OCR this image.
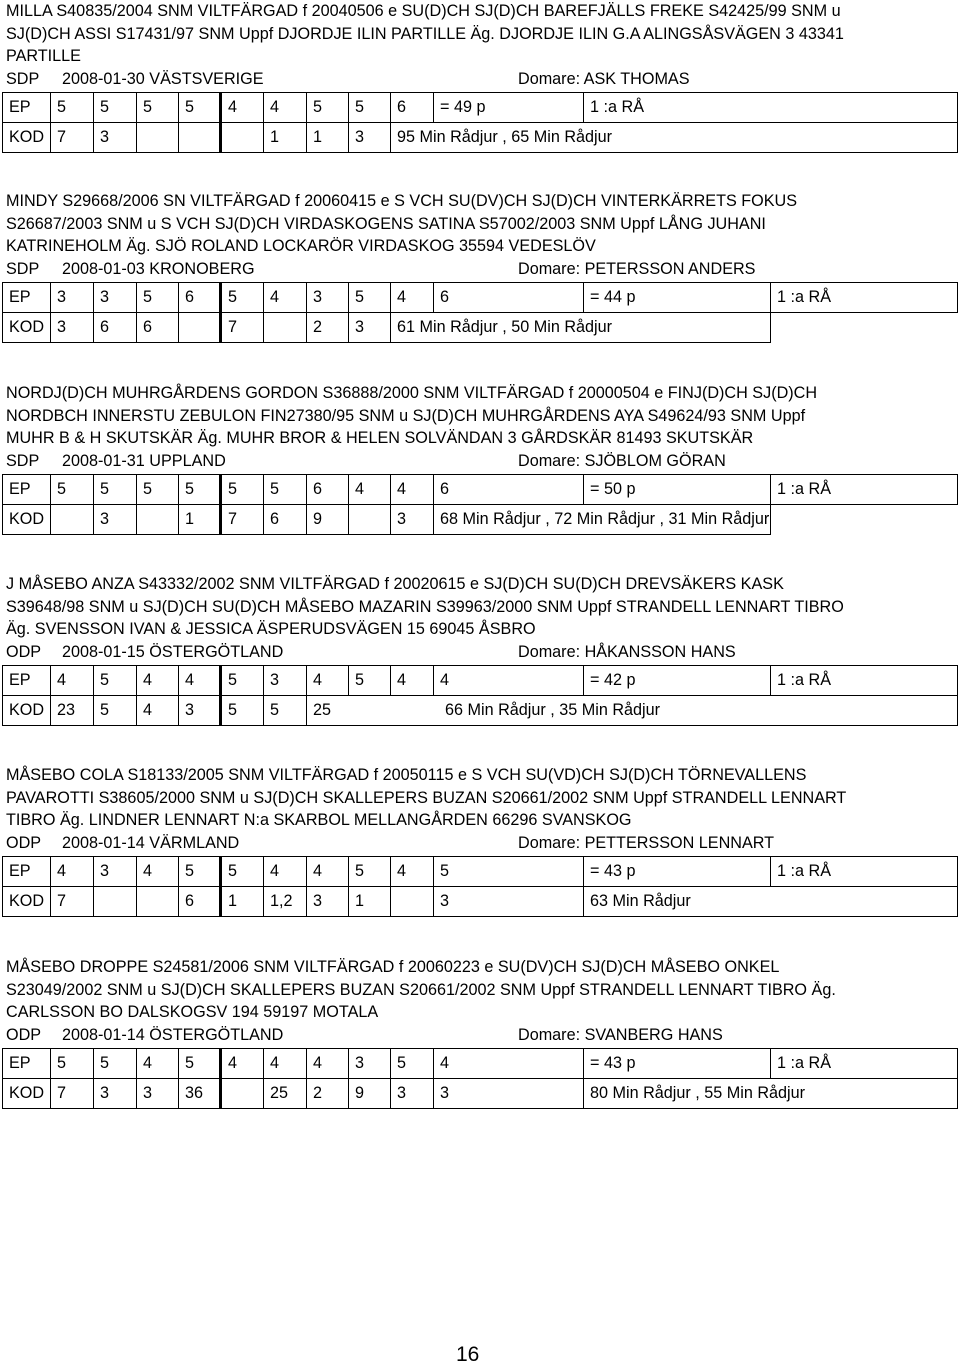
MILLA S40835/2004 SNM VILTFÄRGAD f 20040506 e SU(D)CH SJ(D)CH BAREFJÄLLS FREKE S42425/99 SNM u
SJ(D)CH ASSI S17431/97 SNM Uppf DJORDJE ILIN PARTILLE Äg. DJORDJE ILIN G.A ALINGSÅSVÄGEN 3 43341
PARTILLE
SDP 2008-01-30 VÄSTSVERIGE	Domare: ASK THOMAS
EP	5	5	5	5	4	4	5	5	6	= 49 p	1 :a RÅ
KOD	7	3				1	1	3	95 Min Rådjur , 65 Min Rådjur		
MINDY S29668/2006 SN VILTFÄRGAD f 20060415 e S VCH SU(DV)CH SJ(D)CH VINTERKÄRRETS FOKUS
S26687/2003 SNM u S VCH SJ(D)CH VIRDASKOGENS SATINA S57002/2003 SNM Uppf LÅNG JUHANI
KATRINEHOLM Äg. SJÖ ROLAND LOCKARÖR VIRDASKOG 35594 VEDESLÖV
SDP 2008-01-03 KRONOBERG	Domare: PETERSSON ANDERS
EP	3	3	5	6	5	4	3	5	4	6	= 44 p	1 :a RÅ
KOD	3	6	6		7		2	3	61 Min Rådjur , 50 Min Rådjur			
NORDJ(D)CH MUHRGÅRDENS GORDON S36888/2000 SNM VILTFÄRGAD f 20000504 e FINJ(D)CH SJ(D)CH
NORDBCH INNERSTU ZEBULON FIN27380/95 SNM u SJ(D)CH MUHRGÅRDENS AYA S49624/93 SNM Uppf
MUHR B & H SKUTSKÄR Äg. MUHR BROR & HELEN SOLVÄNDAN 3 GÅRDSKÄR 81493 SKUTSKÄR
SDP 2008-01-31 UPPLAND	Domare: SJÖBLOM GÖRAN
EP	5	5	5	5	5	5	6	4	4	6	= 50 p	1 :a RÅ
KOD		3		1	7	6	9		3	68 Min Rådjur , 72 Min Rådjur , 31 Min Rådjur		
J MÅSEBO ANZA S43332/2002 SNM VILTFÄRGAD f 20020615 e SJ(D)CH SU(D)CH DREVSÄKERS KASK
S39648/98 SNM u SJ(D)CH SU(D)CH MÅSEBO MAZARIN S39963/2000 SNM Uppf STRANDELL LENNART TIBRO
Äg. SVENSSON IVAN & JESSICA ÄSPERUDSVÄGEN 15 69045 ÅSBRO
ODP 2008-01-15 ÖSTERGÖTLAND	Domare: HÅKANSSON HANS
EP	4	5	4	4	5	3	4	5	4	4	= 42 p	1 :a RÅ
KOD	23	5	4	3	5	5	25 66 Min Rådjur , 35 Min Rådjur					
MÅSEBO COLA S18133/2005 SNM VILTFÄRGAD f 20050115 e S VCH SU(VD)CH SJ(D)CH TÖRNEVALLENS
PAVAROTTI S38605/2000 SNM u SJ(D)CH SKALLEPERS BUZAN S20661/2002 SNM Uppf STRANDELL LENNART
TIBRO Äg. LINDNER LENNART N:a SKARBOL MELLANGÅRDEN 66296 SVANSKOG
ODP 2008-01-14 VÄRMLAND	Domare: PETTERSSON LENNART
EP	4	3	4	5	5	4	4	5	4	5	= 43 p	1 :a RÅ
KOD	7			6	1	1,2	3	1		3	63 Min Rådjur	
MÅSEBO DROPPE S24581/2006 SNM VILTFÄRGAD f 20060223 e SU(DV)CH SJ(D)CH MÅSEBO ONKEL
S23049/2002 SNM u SJ(D)CH SKALLEPERS BUZAN S20661/2002 SNM Uppf STRANDELL LENNART TIBRO Äg.
CARLSSON BO DALSKOGSV 194 59197 MOTALA
ODP 2008-01-14 ÖSTERGÖTLAND	Domare: SVANBERG HANS
EP	5	5	4	5	4	4	4	3	5	4	= 43 p	1 :a RÅ
KOD	7	3	3	36		25	2	9	3	3	80 Min Rådjur , 55 Min Rådjur	
16
